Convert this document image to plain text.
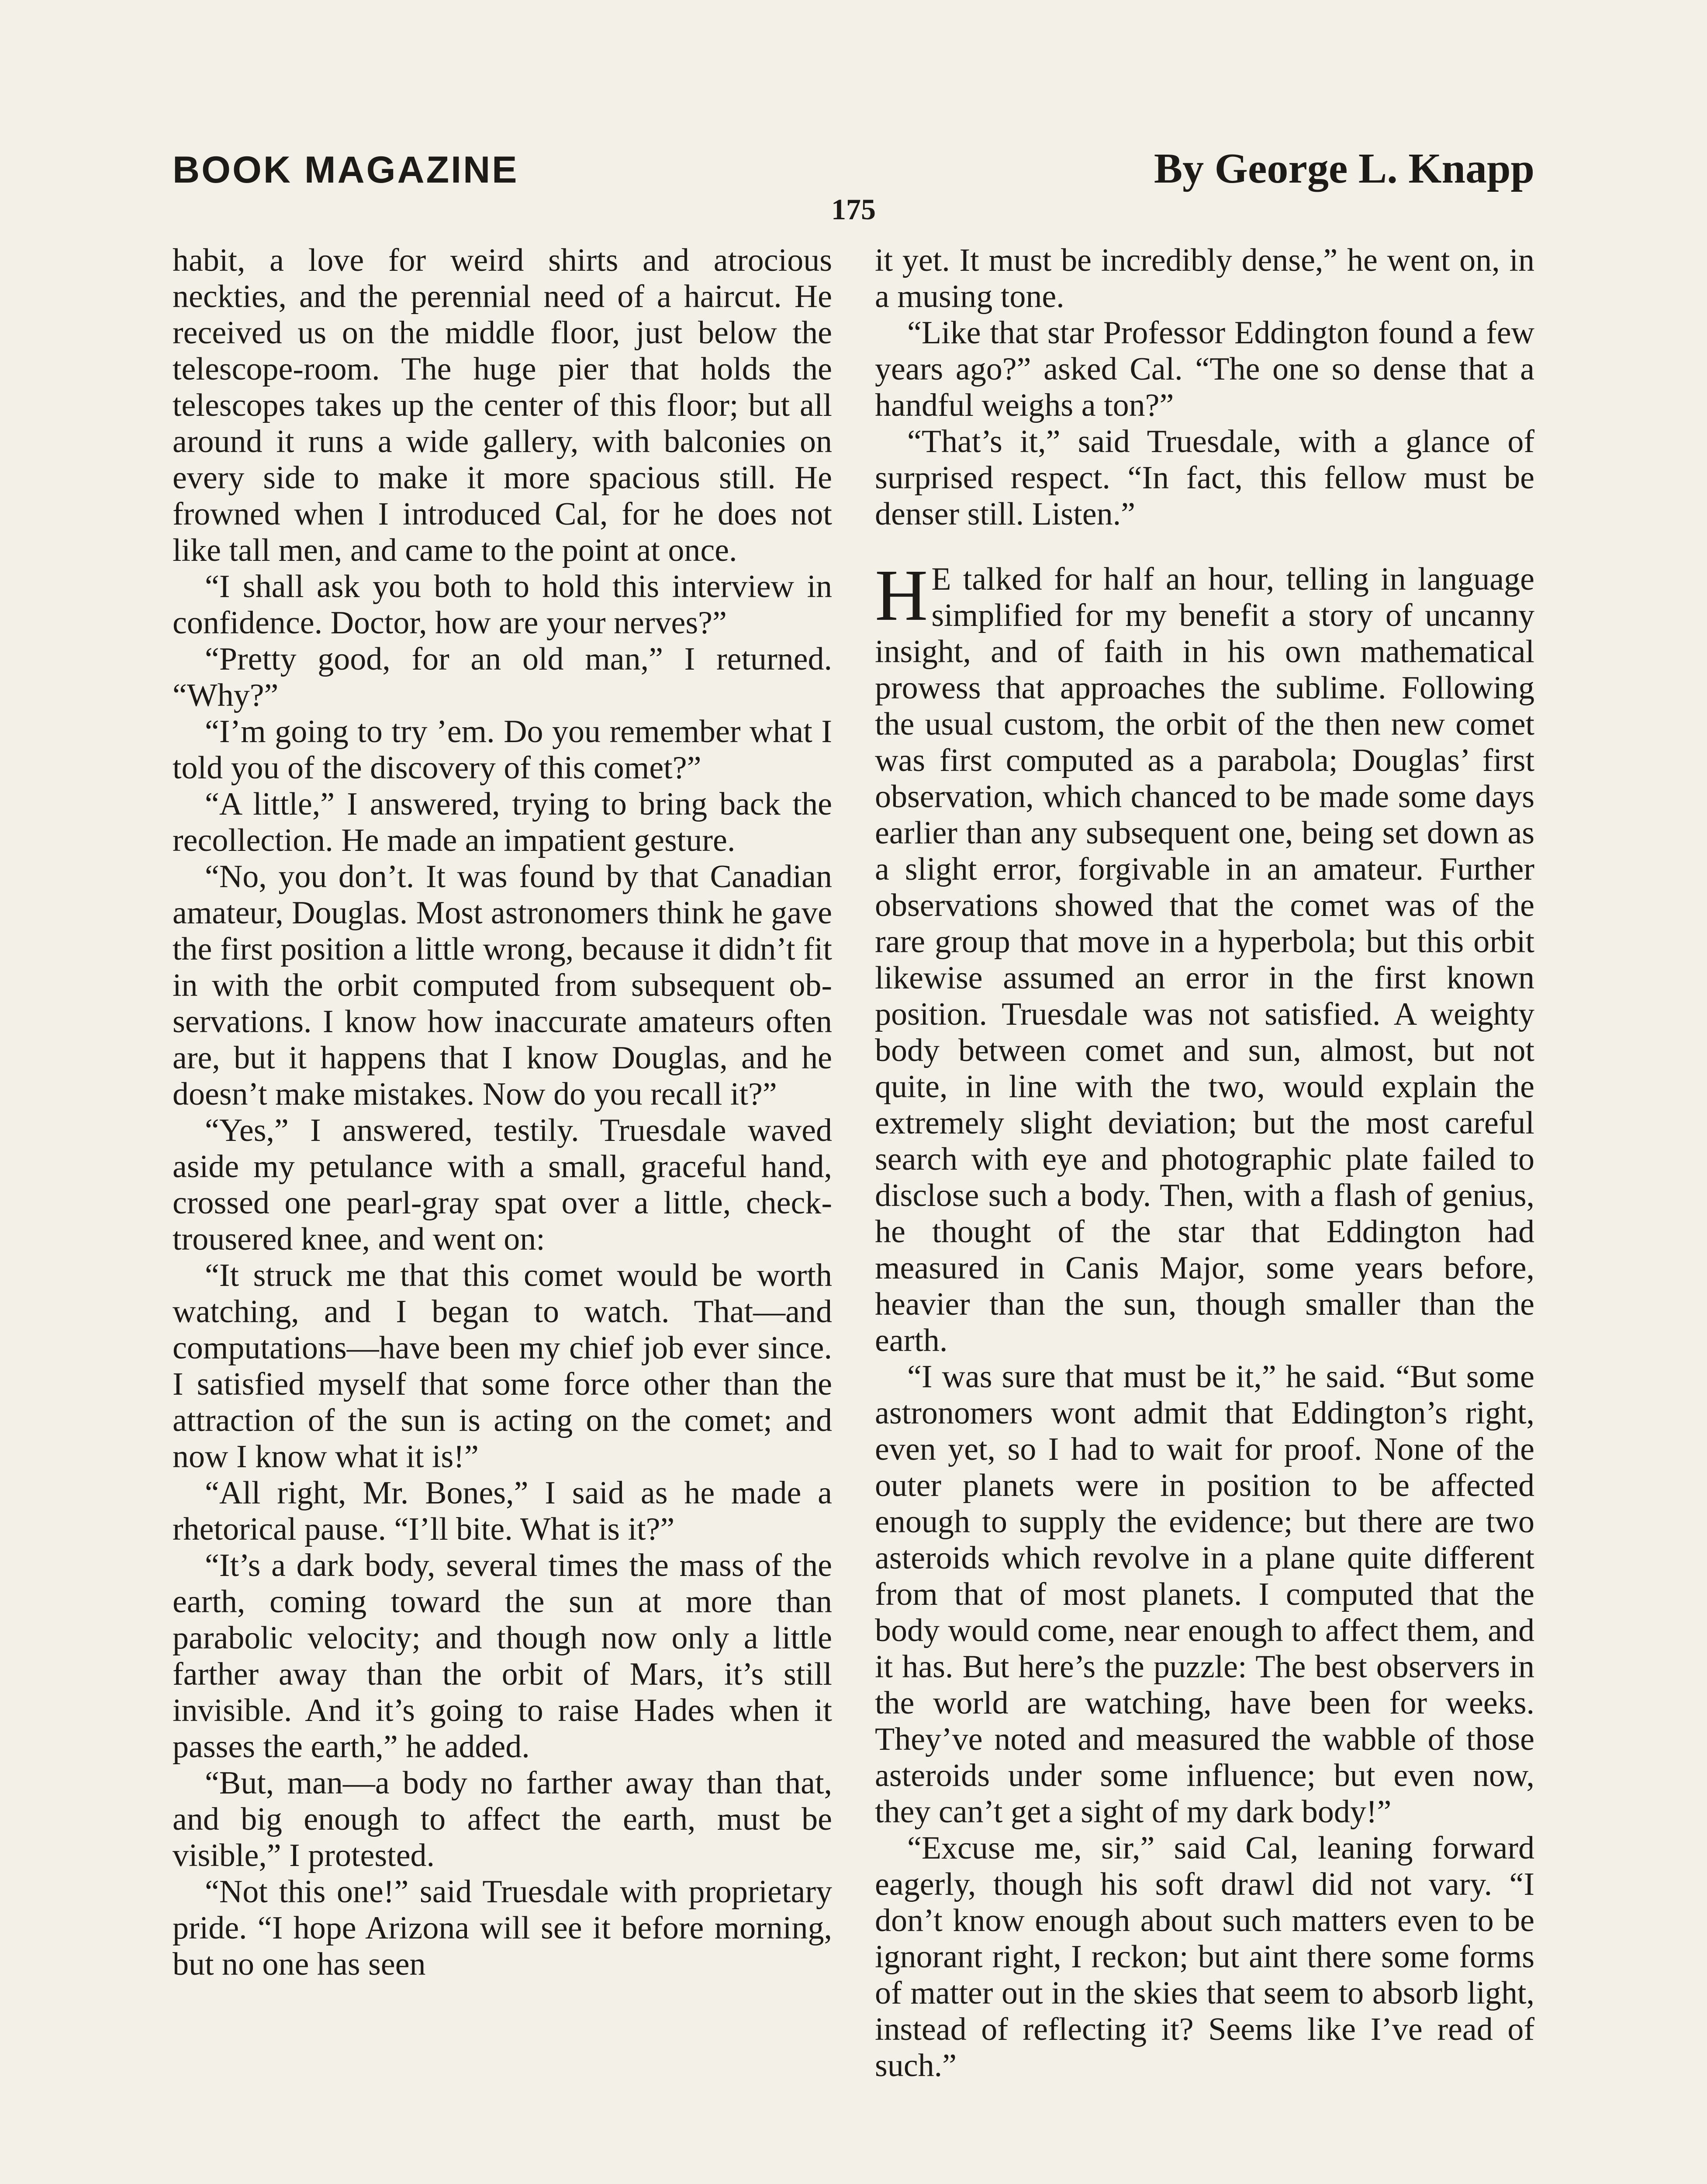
BOOK MAGAZINE	By George L. Knapp
175

habit, a love for weird shirts and atrocious neckties, and the perennial need of a haircut. He received us on the middle floor, just below the telescope-room. The huge pier that holds the telescopes takes up the center of this floor; but all around it runs a wide gallery, with balconies on every side to make it more spacious still. He frowned when I introduced Cal, for he does not like tall men, and came to the point at once.

“I shall ask you both to hold this interview in confidence. Doctor, how are your nerves?”

“Pretty good, for an old man,” I returned. “Why?”

“I’m going to try ’em. Do you remember what I told you of the discovery of this comet?”

“A little,” I answered, trying to bring back the recollection. He made an impatient gesture.

“No, you don’t. It was found by that Canadian amateur, Douglas. Most astronomers think he gave the first position a little wrong, because it didn’t fit in with the orbit computed from subsequent observations. I know how inaccurate amateurs often are, but it happens that I know Douglas, and he doesn’t make mistakes. Now do you recall it?”

“Yes,” I answered, testily. Truesdale waved aside my petulance with a small, graceful hand, crossed one pearl-gray spat over a little, check-trousered knee, and went on:

“It struck me that this comet would be worth watching, and I began to watch. That—and computations—have been my chief job ever since. I satisfied myself that some force other than the attraction of the sun is acting on the comet; and now I know what it is!”

“All right, Mr. Bones,” I said as he made a rhetorical pause. “I’ll bite. What is it?”

“It’s a dark body, several times the mass of the earth, coming toward the sun at more than parabolic velocity; and though now only a little farther away than the orbit of Mars, it’s still invisible. And it’s going to raise Hades when it passes the earth,” he added.

“But, man—a body no farther away than that, and big enough to affect the earth, must be visible,” I protested.

“Not this one!” said Truesdale with proprietary pride. “I hope Arizona will see it before morning, but no one has seen

it yet. It must be incredibly dense,” he went on, in a musing tone.

“Like that star Professor Eddington found a few years ago?” asked Cal. “The one so dense that a handful weighs a ton?”

“That’s it,” said Truesdale, with a glance of surprised respect. “In fact, this fellow must be denser still. Listen.”

H E talked for half an hour, telling in language simplified for my benefit a story of uncanny insight, and of faith in his own mathematical prowess that approaches the sublime. Following the usual custom, the orbit of the then new comet was first computed as a parabola; Douglas’ first observation, which chanced to be made some days earlier than any subsequent one, being set down as a slight error, forgivable in an amateur. Further observations showed that the comet was of the rare group that move in a hyperbola; but this orbit likewise assumed an error in the first known position. Truesdale was not satisfied. A weighty body between comet and sun, almost, but not quite, in line with the two, would explain the extremely slight deviation; but the most careful search with eye and photographic plate failed to disclose such a body. Then, with a flash of genius, he thought of the star that Eddington had measured in Canis Major, some years before, heavier than the sun, though smaller than the earth.

“I was sure that must be it,” he said. “But some astronomers wont admit that Eddington’s right, even yet, so I had to wait for proof. None of the outer planets were in position to be affected enough to supply the evidence; but there are two asteroids which revolve in a plane quite different from that of most planets. I computed that the body would come, near enough to affect them, and it has. But here’s the puzzle: The best observers in the world are watching, have been for weeks. They’ve noted and measured the wabble of those asteroids under some influence; but even now, they can’t get a sight of my dark body!”

“Excuse me, sir,” said Cal, leaning forward eagerly, though his soft drawl did not vary. “I don’t know enough about such matters even to be ignorant right, I reckon; but aint there some forms of matter out in the skies that seem to absorb light, instead of reflecting it? Seems like I’ve read of such.”
